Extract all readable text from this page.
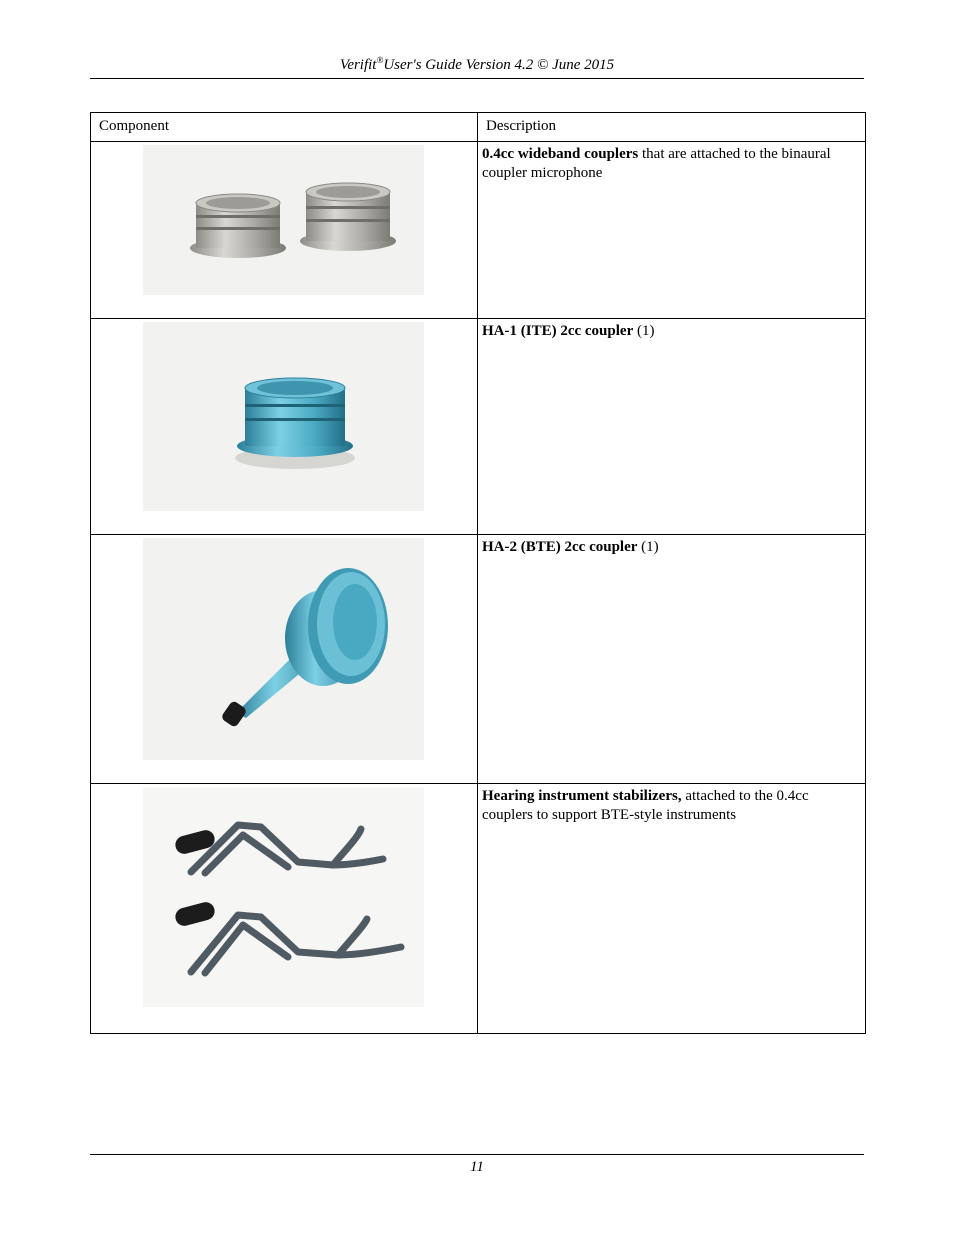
Verifit®User's Guide Version 4.2 © June 2015
Component	Description

0.4cc wideband couplers that are attached to the binaural coupler microphone

HA-1 (ITE) 2cc coupler (1)

HA-2 (BTE) 2cc coupler (1)

Hearing instrument stabilizers, attached to the 0.4cc couplers to support BTE-style instruments
11
